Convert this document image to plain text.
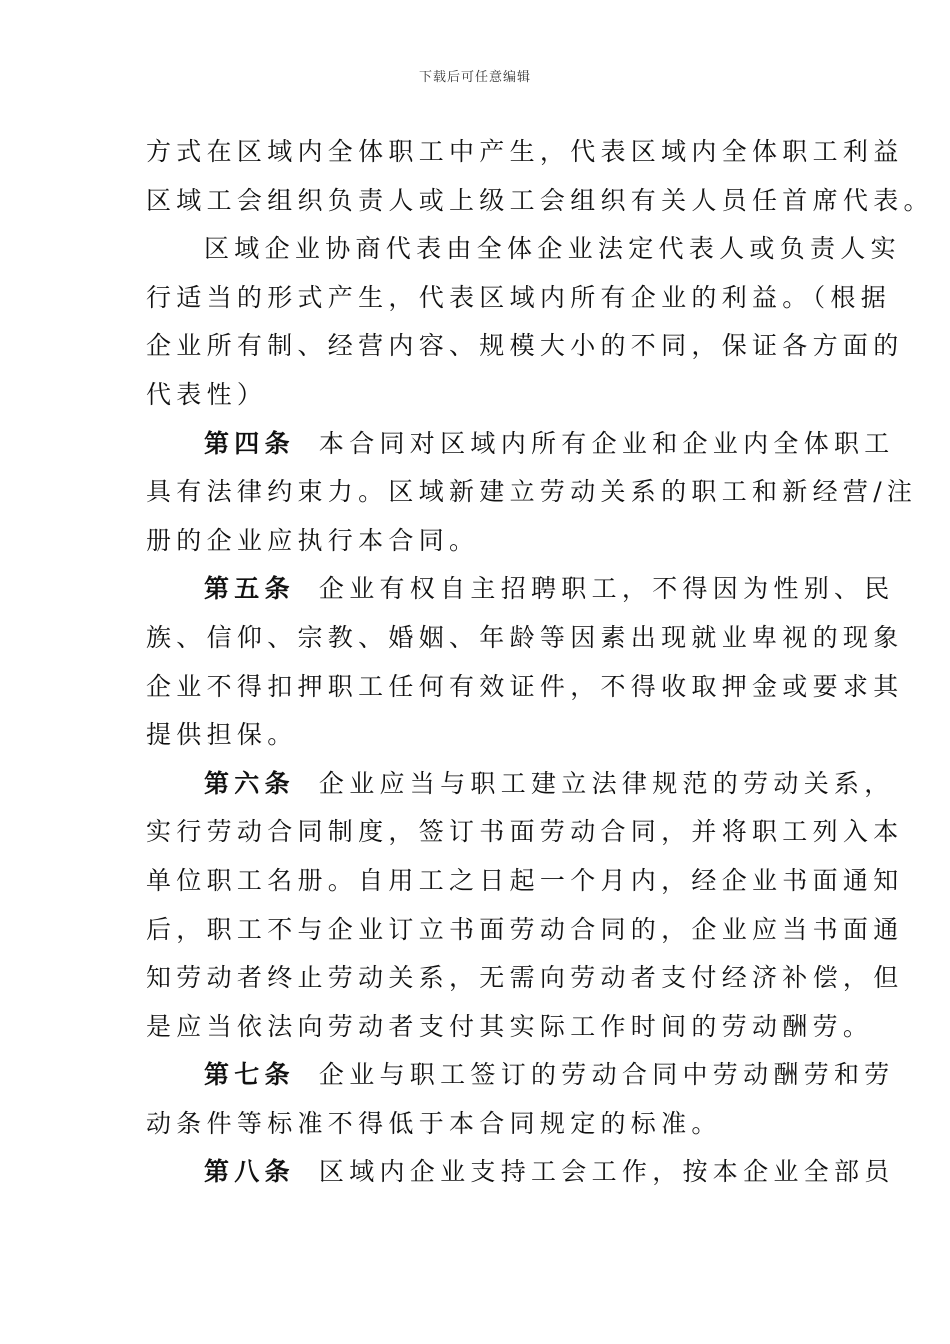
下载后可任意编辑
方式在区域内全体职工中产生，代表区域内全体职工利益
区域工会组织负责人或上级工会组织有关人员任首席代表。
区域企业协商代表由全体企业法定代表人或负责人实
行适当的形式产生，代表区域内所有企业的利益。（根据
企业所有制、经营内容、规模大小的不同，保证各方面的
代表性）
第四条 本合同对区域内所有企业和企业内全体职工
具有法律约束力。区域新建立劳动关系的职工和新经营/注
册的企业应执行本合同。
第五条 企业有权自主招聘职工，不得因为性别、民
族、信仰、宗教、婚姻、年龄等因素出现就业卑视的现象
企业不得扣押职工任何有效证件，不得收取押金或要求其
提供担保。
第六条 企业应当与职工建立法律规范的劳动关系，
实行劳动合同制度，签订书面劳动合同，并将职工列入本
单位职工名册。自用工之日起一个月内，经企业书面通知
后，职工不与企业订立书面劳动合同的，企业应当书面通
知劳动者终止劳动关系，无需向劳动者支付经济补偿，但
是应当依法向劳动者支付其实际工作时间的劳动酬劳。
第七条 企业与职工签订的劳动合同中劳动酬劳和劳
动条件等标准不得低于本合同规定的标准。
第八条 区域内企业支持工会工作，按本企业全部员
